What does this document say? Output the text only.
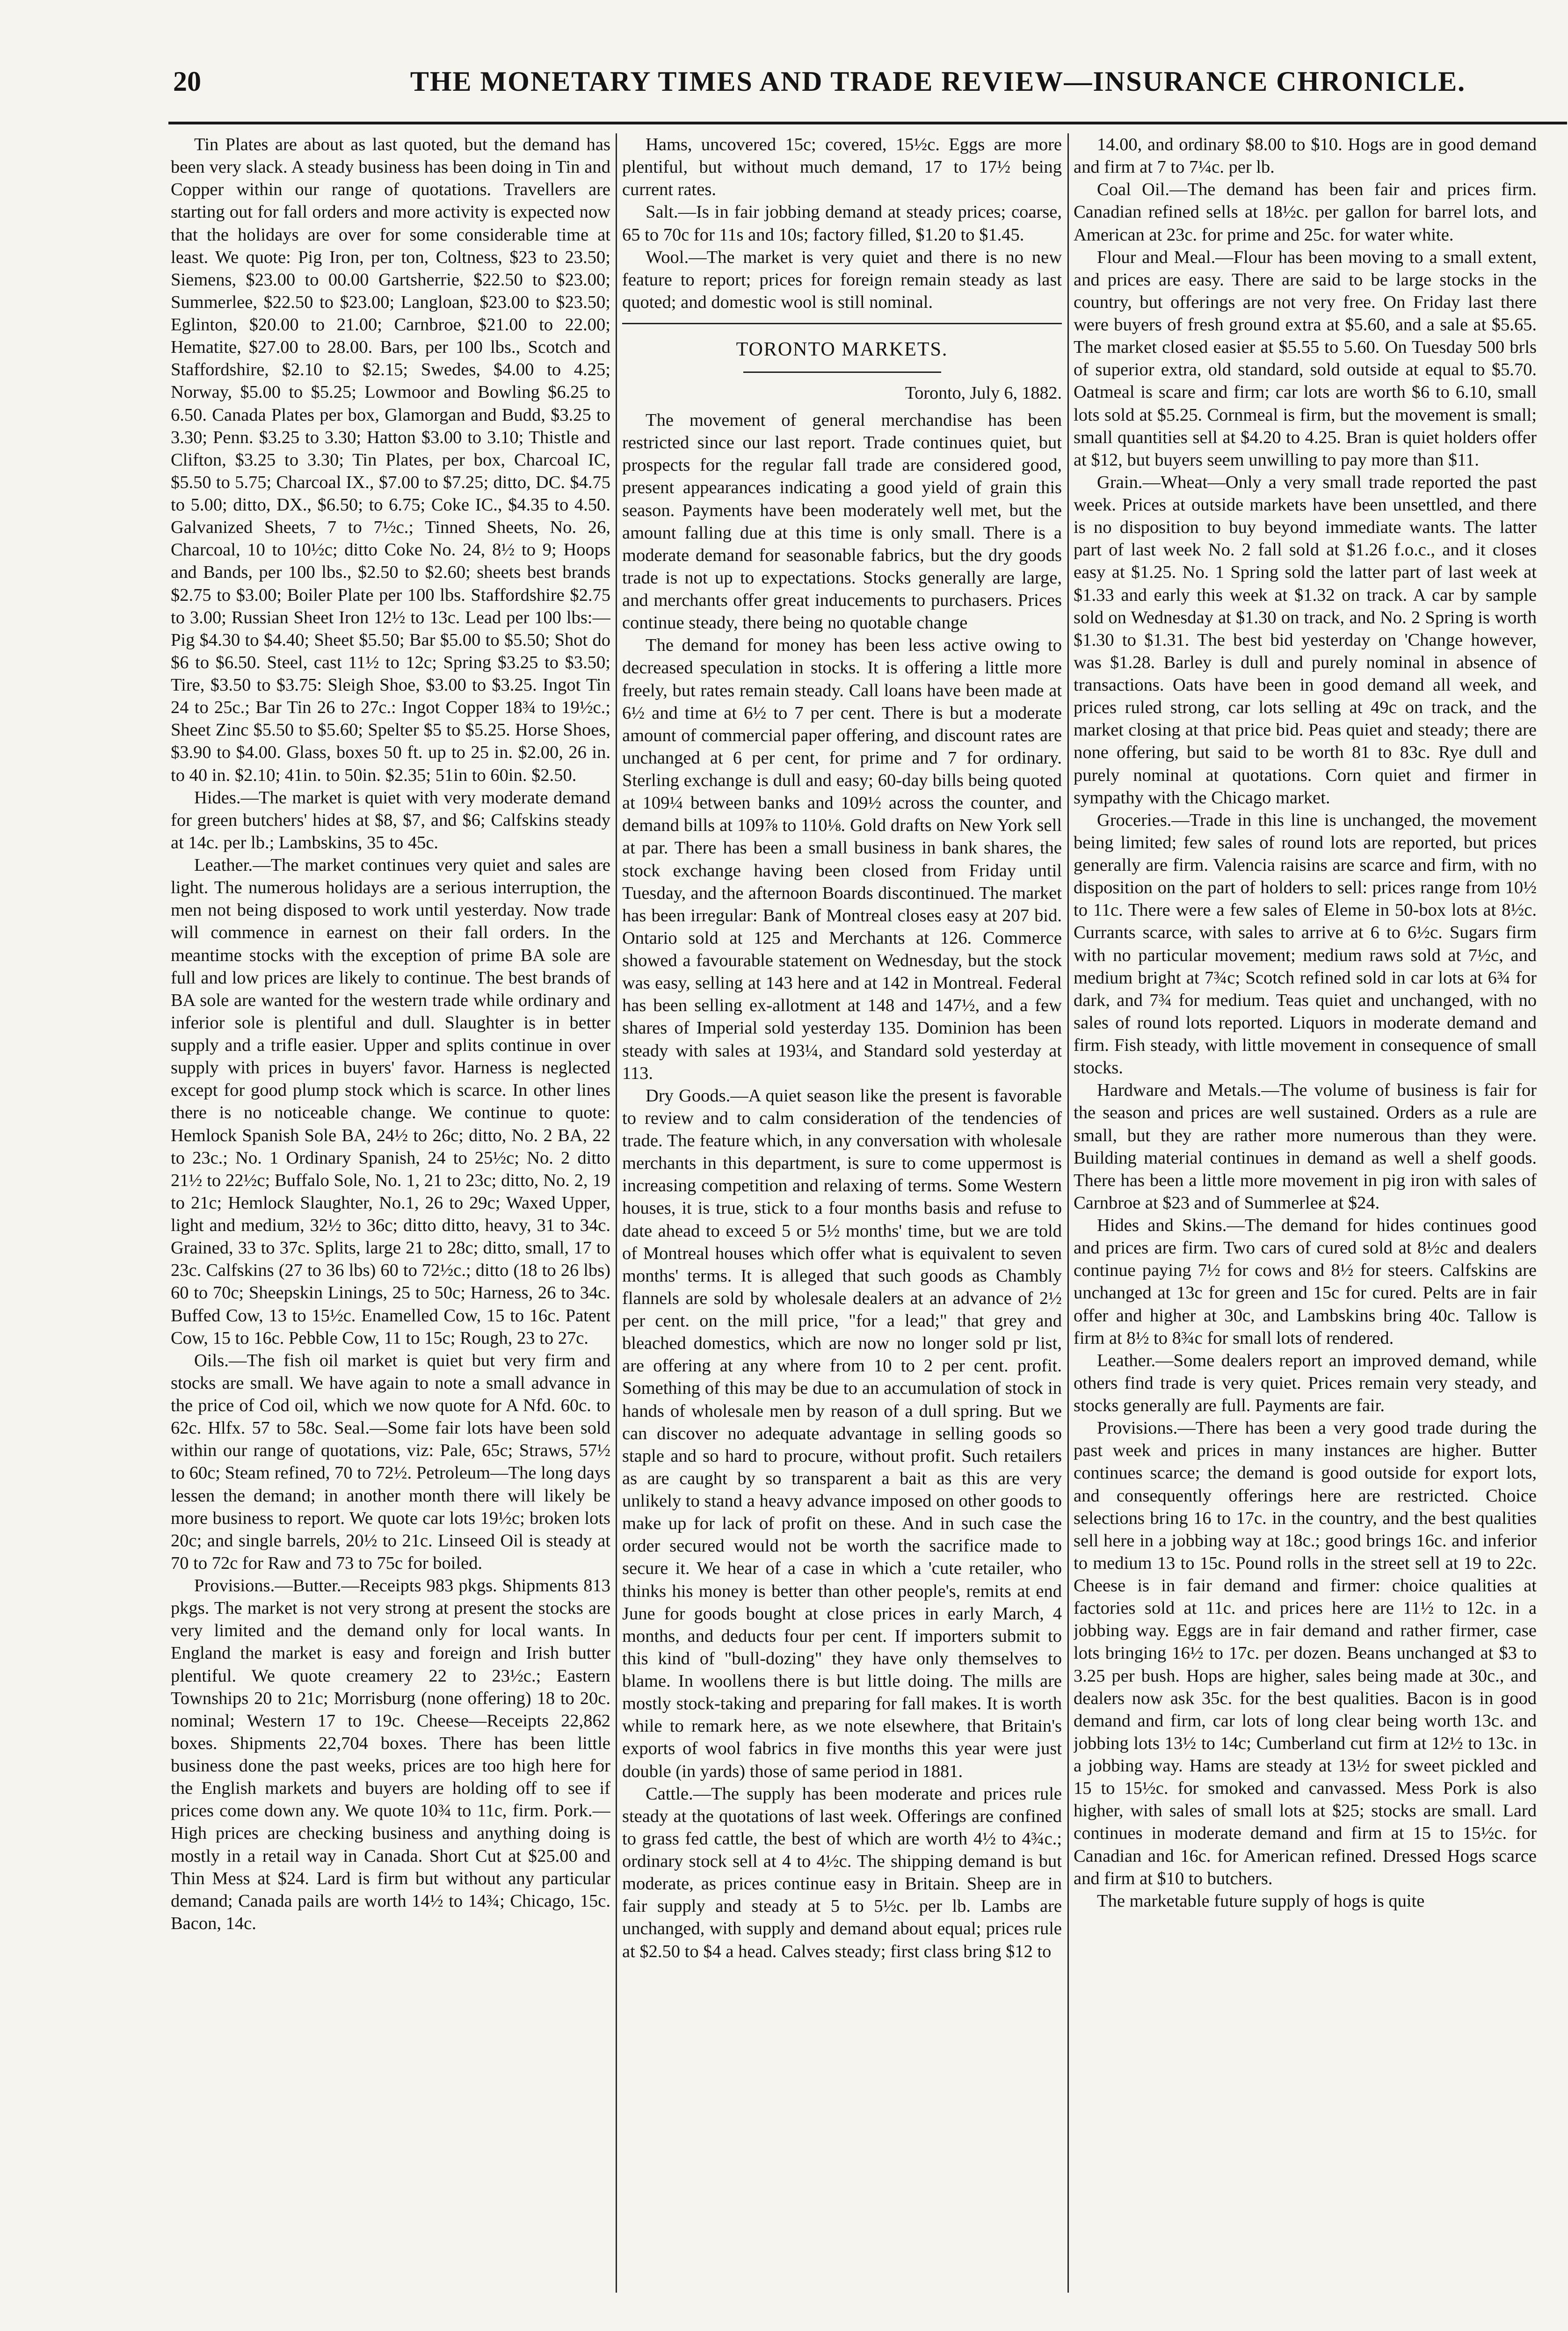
20	THE MONETARY TIMES AND TRADE REVIEW—INSURANCE CHRONICLE.

Tin Plates are about as last quoted, but the demand has been very slack. A steady business has been doing in Tin and Copper within our range of quotations. Travellers are starting out for fall orders and more activity is expected now that the holidays are over for some considerable time at least. We quote: Pig Iron, per ton, Coltness, $23 to 23.50; Siemens, $23.00 to 00.00 Gartsherrie, $22.50 to $23.00; Summerlee, $22.50 to $23.00; Langloan, $23.00 to $23.50; Eglinton, $20.00 to 21.00; Carnbroe, $21.00 to 22.00; Hematite, $27.00 to 28.00. Bars, per 100 lbs., Scotch and Staffordshire, $2.10 to $2.15; Swedes, $4.00 to 4.25; Norway, $5.00 to $5.25; Lowmoor and Bowling $6.25 to 6.50. Canada Plates per box, Glamorgan and Budd, $3.25 to 3.30; Penn. $3.25 to 3.30; Hatton $3.00 to 3.10; Thistle and Clifton, $3.25 to 3.30; Tin Plates, per box, Charcoal IC, $5.50 to 5.75; Charcoal IX., $7.00 to $7.25; ditto, DC. $4.75 to 5.00; ditto, DX., $6.50; to 6.75; Coke IC., $4.35 to 4.50. Galvanized Sheets, 7 to 7½c.; Tinned Sheets, No. 26, Charcoal, 10 to 10½c; ditto Coke No. 24, 8½ to 9; Hoops and Bands, per 100 lbs., $2.50 to $2.60; sheets best brands $2.75 to $3.00; Boiler Plate per 100 lbs. Staffordshire $2.75 to 3.00; Russian Sheet Iron 12½ to 13c. Lead per 100 lbs:—Pig $4.30 to $4.40; Sheet $5.50; Bar $5.00 to $5.50; Shot do $6 to $6.50. Steel, cast 11½ to 12c; Spring $3.25 to $3.50; Tire, $3.50 to $3.75: Sleigh Shoe, $3.00 to $3.25. Ingot Tin 24 to 25c.; Bar Tin 26 to 27c.: Ingot Copper 18¾ to 19½c.; Sheet Zinc $5.50 to $5.60; Spelter $5 to $5.25. Horse Shoes, $3.90 to $4.00. Glass, boxes 50 ft. up to 25 in. $2.00, 26 in. to 40 in. $2.10; 41in. to 50in. $2.35; 51in to 60in. $2.50.

Hides.—The market is quiet with very moderate demand for green butchers' hides at $8, $7, and $6; Calfskins steady at 14c. per lb.; Lambskins, 35 to 45c.

Leather.—The market continues very quiet and sales are light. The numerous holidays are a serious interruption, the men not being disposed to work until yesterday. Now trade will commence in earnest on their fall orders. In the meantime stocks with the exception of prime BA sole are full and low prices are likely to continue. The best brands of BA sole are wanted for the western trade while ordinary and inferior sole is plentiful and dull. Slaughter is in better supply and a trifle easier. Upper and splits continue in over supply with prices in buyers' favor. Harness is neglected except for good plump stock which is scarce. In other lines there is no noticeable change. We continue to quote: Hemlock Spanish Sole BA, 24½ to 26c; ditto, No. 2 BA, 22 to 23c.; No. 1 Ordinary Spanish, 24 to 25½c; No. 2 ditto 21½ to 22½c; Buffalo Sole, No. 1, 21 to 23c; ditto, No. 2, 19 to 21c; Hemlock Slaughter, No.1, 26 to 29c; Waxed Upper, light and medium, 32½ to 36c; ditto ditto, heavy, 31 to 34c. Grained, 33 to 37c. Splits, large 21 to 28c; ditto, small, 17 to 23c. Calfskins (27 to 36 lbs) 60 to 72½c.; ditto (18 to 26 lbs) 60 to 70c; Sheepskin Linings, 25 to 50c; Harness, 26 to 34c. Buffed Cow, 13 to 15½c. Enamelled Cow, 15 to 16c. Patent Cow, 15 to 16c. Pebble Cow, 11 to 15c; Rough, 23 to 27c.

Oils.—The fish oil market is quiet but very firm and stocks are small. We have again to note a small advance in the price of Cod oil, which we now quote for A Nfd. 60c. to 62c. Hlfx. 57 to 58c. Seal.—Some fair lots have been sold within our range of quotations, viz: Pale, 65c; Straws, 57½ to 60c; Steam refined, 70 to 72½. Petroleum—The long days lessen the demand; in another month there will likely be more business to report. We quote car lots 19½c; broken lots 20c; and single barrels, 20½ to 21c. Linseed Oil is steady at 70 to 72c for Raw and 73 to 75c for boiled.

Provisions.—Butter.—Receipts 983 pkgs. Shipments 813 pkgs. The market is not very strong at present the stocks are very limited and the demand only for local wants. In England the market is easy and foreign and Irish butter plentiful. We quote creamery 22 to 23½c.; Eastern Townships 20 to 21c; Morrisburg (none offering) 18 to 20c. nominal; Western 17 to 19c. Cheese—Receipts 22,862 boxes. Shipments 22,704 boxes. There has been little business done the past weeks, prices are too high here for the English markets and buyers are holding off to see if prices come down any. We quote 10¾ to 11c, firm. Pork.—High prices are checking business and anything doing is mostly in a retail way in Canada. Short Cut at $25.00 and Thin Mess at $24. Lard is firm but without any particular demand; Canada pails are worth 14½ to 14¾; Chicago, 15c. Bacon, 14c.

Hams, uncovered 15c; covered, 15½c. Eggs are more plentiful, but without much demand, 17 to 17½ being current rates.

Salt.—Is in fair jobbing demand at steady prices; coarse, 65 to 70c for 11s and 10s; factory filled, $1.20 to $1.45.

Wool.—The market is very quiet and there is no new feature to report; prices for foreign remain steady as last quoted; and domestic wool is still nominal.

TORONTO MARKETS.
Toronto, July 6, 1882.

The movement of general merchandise has been restricted since our last report. Trade continues quiet, but prospects for the regular fall trade are considered good, present appearances indicating a good yield of grain this season. Payments have been moderately well met, but the amount falling due at this time is only small. There is a moderate demand for seasonable fabrics, but the dry goods trade is not up to expectations. Stocks generally are large, and merchants offer great inducements to purchasers. Prices continue steady, there being no quotable change

The demand for money has been less active owing to decreased speculation in stocks. It is offering a little more freely, but rates remain steady. Call loans have been made at 6½ and time at 6½ to 7 per cent. There is but a moderate amount of commercial paper offering, and discount rates are unchanged at 6 per cent, for prime and 7 for ordinary. Sterling exchange is dull and easy; 60-day bills being quoted at 109¼ between banks and 109½ across the counter, and demand bills at 109⅞ to 110⅛. Gold drafts on New York sell at par. There has been a small business in bank shares, the stock exchange having been closed from Friday until Tuesday, and the afternoon Boards discontinued. The market has been irregular: Bank of Montreal closes easy at 207 bid. Ontario sold at 125 and Merchants at 126. Commerce showed a favourable statement on Wednesday, but the stock was easy, selling at 143 here and at 142 in Montreal. Federal has been selling ex-allotment at 148 and 147½, and a few shares of Imperial sold yesterday 135. Dominion has been steady with sales at 193¼, and Standard sold yesterday at 113.

Dry Goods.—A quiet season like the present is favorable to review and to calm consideration of the tendencies of trade. The feature which, in any conversation with wholesale merchants in this department, is sure to come uppermost is increasing competition and relaxing of terms. Some Western houses, it is true, stick to a four months basis and refuse to date ahead to exceed 5 or 5½ months' time, but we are told of Montreal houses which offer what is equivalent to seven months' terms. It is alleged that such goods as Chambly flannels are sold by wholesale dealers at an advance of 2½ per cent. on the mill price, "for a lead;" that grey and bleached domestics, which are now no longer sold pr list, are offering at any where from 10 to 2 per cent. profit. Something of this may be due to an accumulation of stock in hands of wholesale men by reason of a dull spring. But we can discover no adequate advantage in selling goods so staple and so hard to procure, without profit. Such retailers as are caught by so transparent a bait as this are very unlikely to stand a heavy advance imposed on other goods to make up for lack of profit on these. And in such case the order secured would not be worth the sacrifice made to secure it. We hear of a case in which a 'cute retailer, who thinks his money is better than other people's, remits at end June for goods bought at close prices in early March, 4 months, and deducts four per cent. If importers submit to this kind of "bull-dozing" they have only themselves to blame. In woollens there is but little doing. The mills are mostly stock-taking and preparing for fall makes. It is worth while to remark here, as we note elsewhere, that Britain's exports of wool fabrics in five months this year were just double (in yards) those of same period in 1881.

Cattle.—The supply has been moderate and prices rule steady at the quotations of last week. Offerings are confined to grass fed cattle, the best of which are worth 4½ to 4¾c.; ordinary stock sell at 4 to 4½c. The shipping demand is but moderate, as prices continue easy in Britain. Sheep are in fair supply and steady at 5 to 5½c. per lb. Lambs are unchanged, with supply and demand about equal; prices rule at $2.50 to $4 a head. Calves steady; first class bring $12 to

14.00, and ordinary $8.00 to $10. Hogs are in good demand and firm at 7 to 7¼c. per lb.

Coal Oil.—The demand has been fair and prices firm. Canadian refined sells at 18½c. per gallon for barrel lots, and American at 23c. for prime and 25c. for water white.

Flour and Meal.—Flour has been moving to a small extent, and prices are easy. There are said to be large stocks in the country, but offerings are not very free. On Friday last there were buyers of fresh ground extra at $5.60, and a sale at $5.65. The market closed easier at $5.55 to 5.60. On Tuesday 500 brls of superior extra, old standard, sold outside at equal to $5.70. Oatmeal is scare and firm; car lots are worth $6 to 6.10, small lots sold at $5.25. Cornmeal is firm, but the movement is small; small quantities sell at $4.20 to 4.25. Bran is quiet holders offer at $12, but buyers seem unwilling to pay more than $11.

Grain.—Wheat—Only a very small trade reported the past week. Prices at outside markets have been unsettled, and there is no disposition to buy beyond immediate wants. The latter part of last week No. 2 fall sold at $1.26 f.o.c., and it closes easy at $1.25. No. 1 Spring sold the latter part of last week at $1.33 and early this week at $1.32 on track. A car by sample sold on Wednesday at $1.30 on track, and No. 2 Spring is worth $1.30 to $1.31. The best bid yesterday on 'Change however, was $1.28. Barley is dull and purely nominal in absence of transactions. Oats have been in good demand all week, and prices ruled strong, car lots selling at 49c on track, and the market closing at that price bid. Peas quiet and steady; there are none offering, but said to be worth 81 to 83c. Rye dull and purely nominal at quotations. Corn quiet and firmer in sympathy with the Chicago market.

Groceries.—Trade in this line is unchanged, the movement being limited; few sales of round lots are reported, but prices generally are firm. Valencia raisins are scarce and firm, with no disposition on the part of holders to sell: prices range from 10½ to 11c. There were a few sales of Eleme in 50-box lots at 8½c. Currants scarce, with sales to arrive at 6 to 6½c. Sugars firm with no particular movement; medium raws sold at 7½c, and medium bright at 7¾c; Scotch refined sold in car lots at 6¾ for dark, and 7¾ for medium. Teas quiet and unchanged, with no sales of round lots reported. Liquors in moderate demand and firm. Fish steady, with little movement in consequence of small stocks.

Hardware and Metals.—The volume of business is fair for the season and prices are well sustained. Orders as a rule are small, but they are rather more numerous than they were. Building material continues in demand as well a shelf goods. There has been a little more movement in pig iron with sales of Carnbroe at $23 and of Summerlee at $24.

Hides and Skins.—The demand for hides continues good and prices are firm. Two cars of cured sold at 8½c and dealers continue paying 7½ for cows and 8½ for steers. Calfskins are unchanged at 13c for green and 15c for cured. Pelts are in fair offer and higher at 30c, and Lambskins bring 40c. Tallow is firm at 8½ to 8¾c for small lots of rendered.

Leather.—Some dealers report an improved demand, while others find trade is very quiet. Prices remain very steady, and stocks generally are full. Payments are fair.

Provisions.—There has been a very good trade during the past week and prices in many instances are higher. Butter continues scarce; the demand is good outside for export lots, and consequently offerings here are restricted. Choice selections bring 16 to 17c. in the country, and the best qualities sell here in a jobbing way at 18c.; good brings 16c. and inferior to medium 13 to 15c. Pound rolls in the street sell at 19 to 22c. Cheese is in fair demand and firmer: choice qualities at factories sold at 11c. and prices here are 11½ to 12c. in a jobbing way. Eggs are in fair demand and rather firmer, case lots bringing 16½ to 17c. per dozen. Beans unchanged at $3 to 3.25 per bush. Hops are higher, sales being made at 30c., and dealers now ask 35c. for the best qualities. Bacon is in good demand and firm, car lots of long clear being worth 13c. and jobbing lots 13½ to 14c; Cumberland cut firm at 12½ to 13c. in a jobbing way. Hams are steady at 13½ for sweet pickled and 15 to 15½c. for smoked and canvassed. Mess Pork is also higher, with sales of small lots at $25; stocks are small. Lard continues in moderate demand and firm at 15 to 15½c. for Canadian and 16c. for American refined. Dressed Hogs scarce and firm at $10 to butchers.

The marketable future supply of hogs is quite
